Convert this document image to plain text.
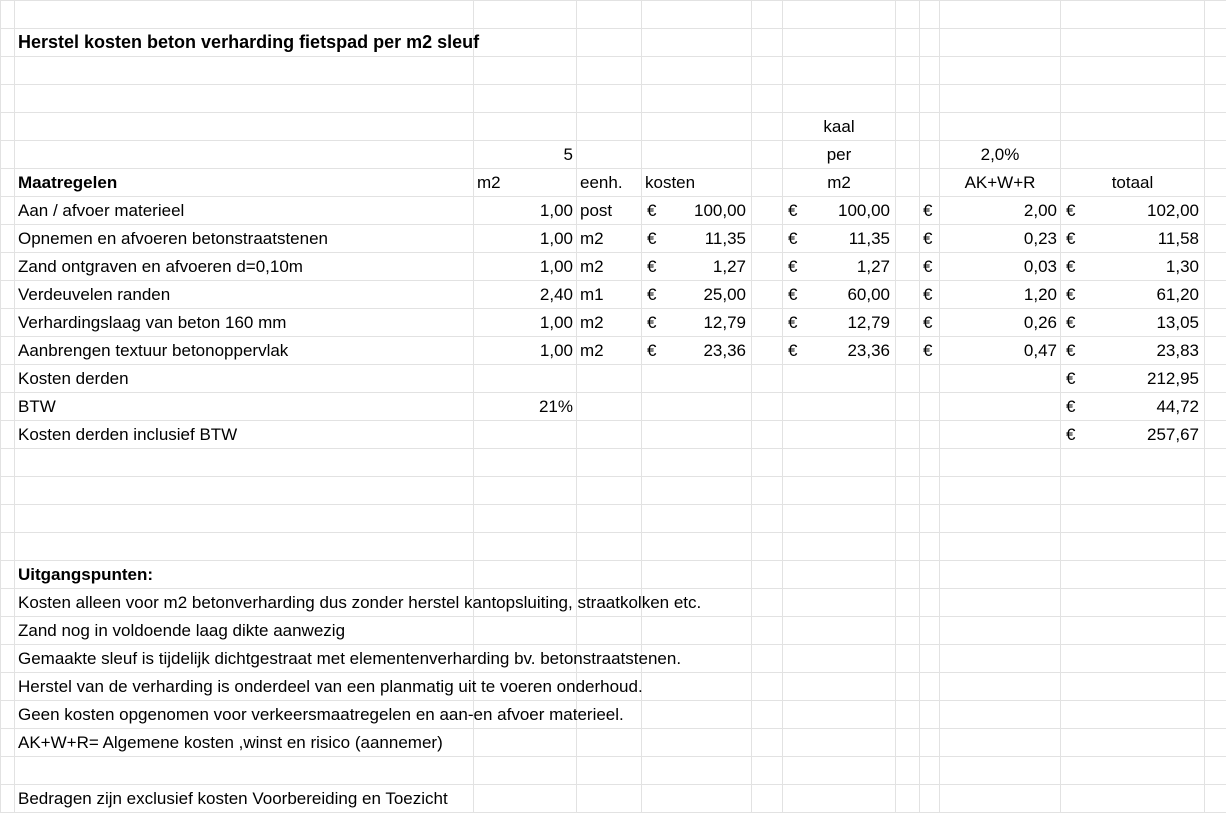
	Herstel kosten beton verharding fietspad per m2 sleuf										

						kaal					
		5				per			2,0%		
	Maatregelen	m2	eenh.	kosten		m2			AK+W+R	totaal	
	Aan / afvoer materieel	1,00	post	€ 100,00		€ 100,00		€	2,00	€ 102,00	

	Opnemen en afvoeren betonstraatstenen	1,00	m2	€ 11,35		€ 11,35		€	0,23	€ 11,58	

	Zand ontgraven en afvoeren d=0,10m	1,00	m2	€ 1,27		€ 1,27		€	0,03	€ 1,30	

	Verdeuvelen randen	2,40	m1	€ 25,00		€ 60,00		€	1,20	€ 61,20	

	Verhardingslaag van beton 160 mm	1,00	m2	€ 12,79		€ 12,79		€	0,26	€ 13,05	

	Aanbrengen textuur betonoppervlak	1,00	m2	€ 23,36		€ 23,36		€	0,47	€ 23,83	

	Kosten derden									€ 212,95	

	BTW	21%								€ 44,72	

	Kosten derden inclusief BTW									€ 257,67	

	Uitgangspunten:										
	Kosten alleen voor m2 betonverharding dus zonder herstel kantopsluiting, straatkolken etc.										
	Zand nog in voldoende laag dikte aanwezig										
	Gemaakte sleuf is tijdelijk dichtgestraat met elementenverharding bv. betonstraatstenen.										
	Herstel van de verharding is onderdeel van een planmatig uit te voeren onderhoud.										
	Geen kosten opgenomen voor verkeersmaatregelen en aan-en afvoer materieel.										
	AK+W+R= Algemene kosten ,winst en risico (aannemer)										

	Bedragen zijn exclusief kosten Voorbereiding en Toezicht										
